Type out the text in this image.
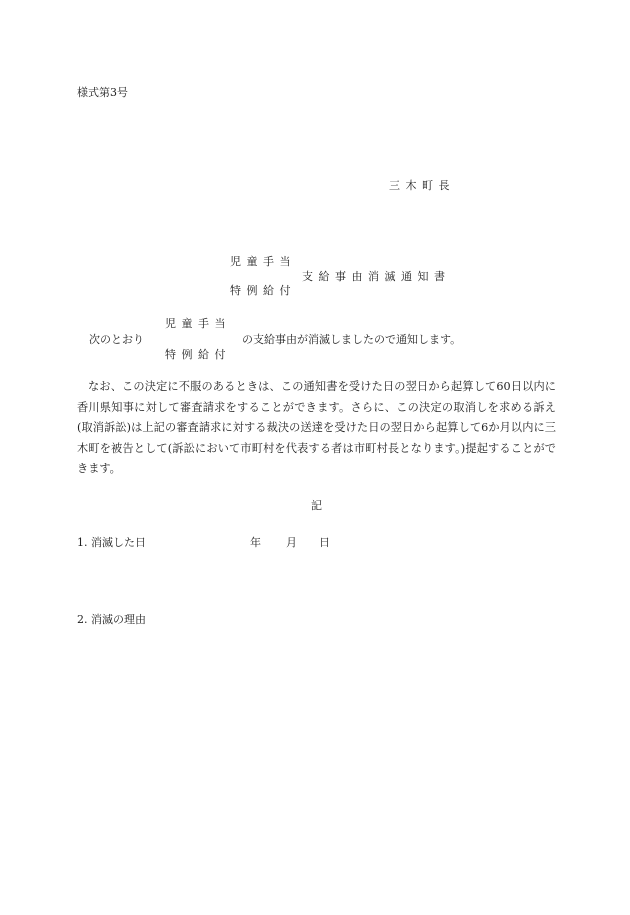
様式第3号
三 木 町 長
児 童 手 当
支 給 事 由 消 滅 通 知 書
特 例 給 付
児 童 手 当
次のとおり	の支給事由が消滅しましたので通知します。
特 例 給 付

なお、この決定に不服のあるときは、この通知書を受けた日の翌日から起算して60日以内に香川県知事に対して審査請求をすることができます。さらに、この決定の取消しを求める訴え(取消訴訟)は上記の審査請求に対する裁決の送達を受けた日の翌日から起算して6か月以内に三木町を被告として(訴訟において市町村を代表する者は市町村長となります。)提起することができます。

記
1. 消滅した日	年 月 日
2. 消滅の理由
